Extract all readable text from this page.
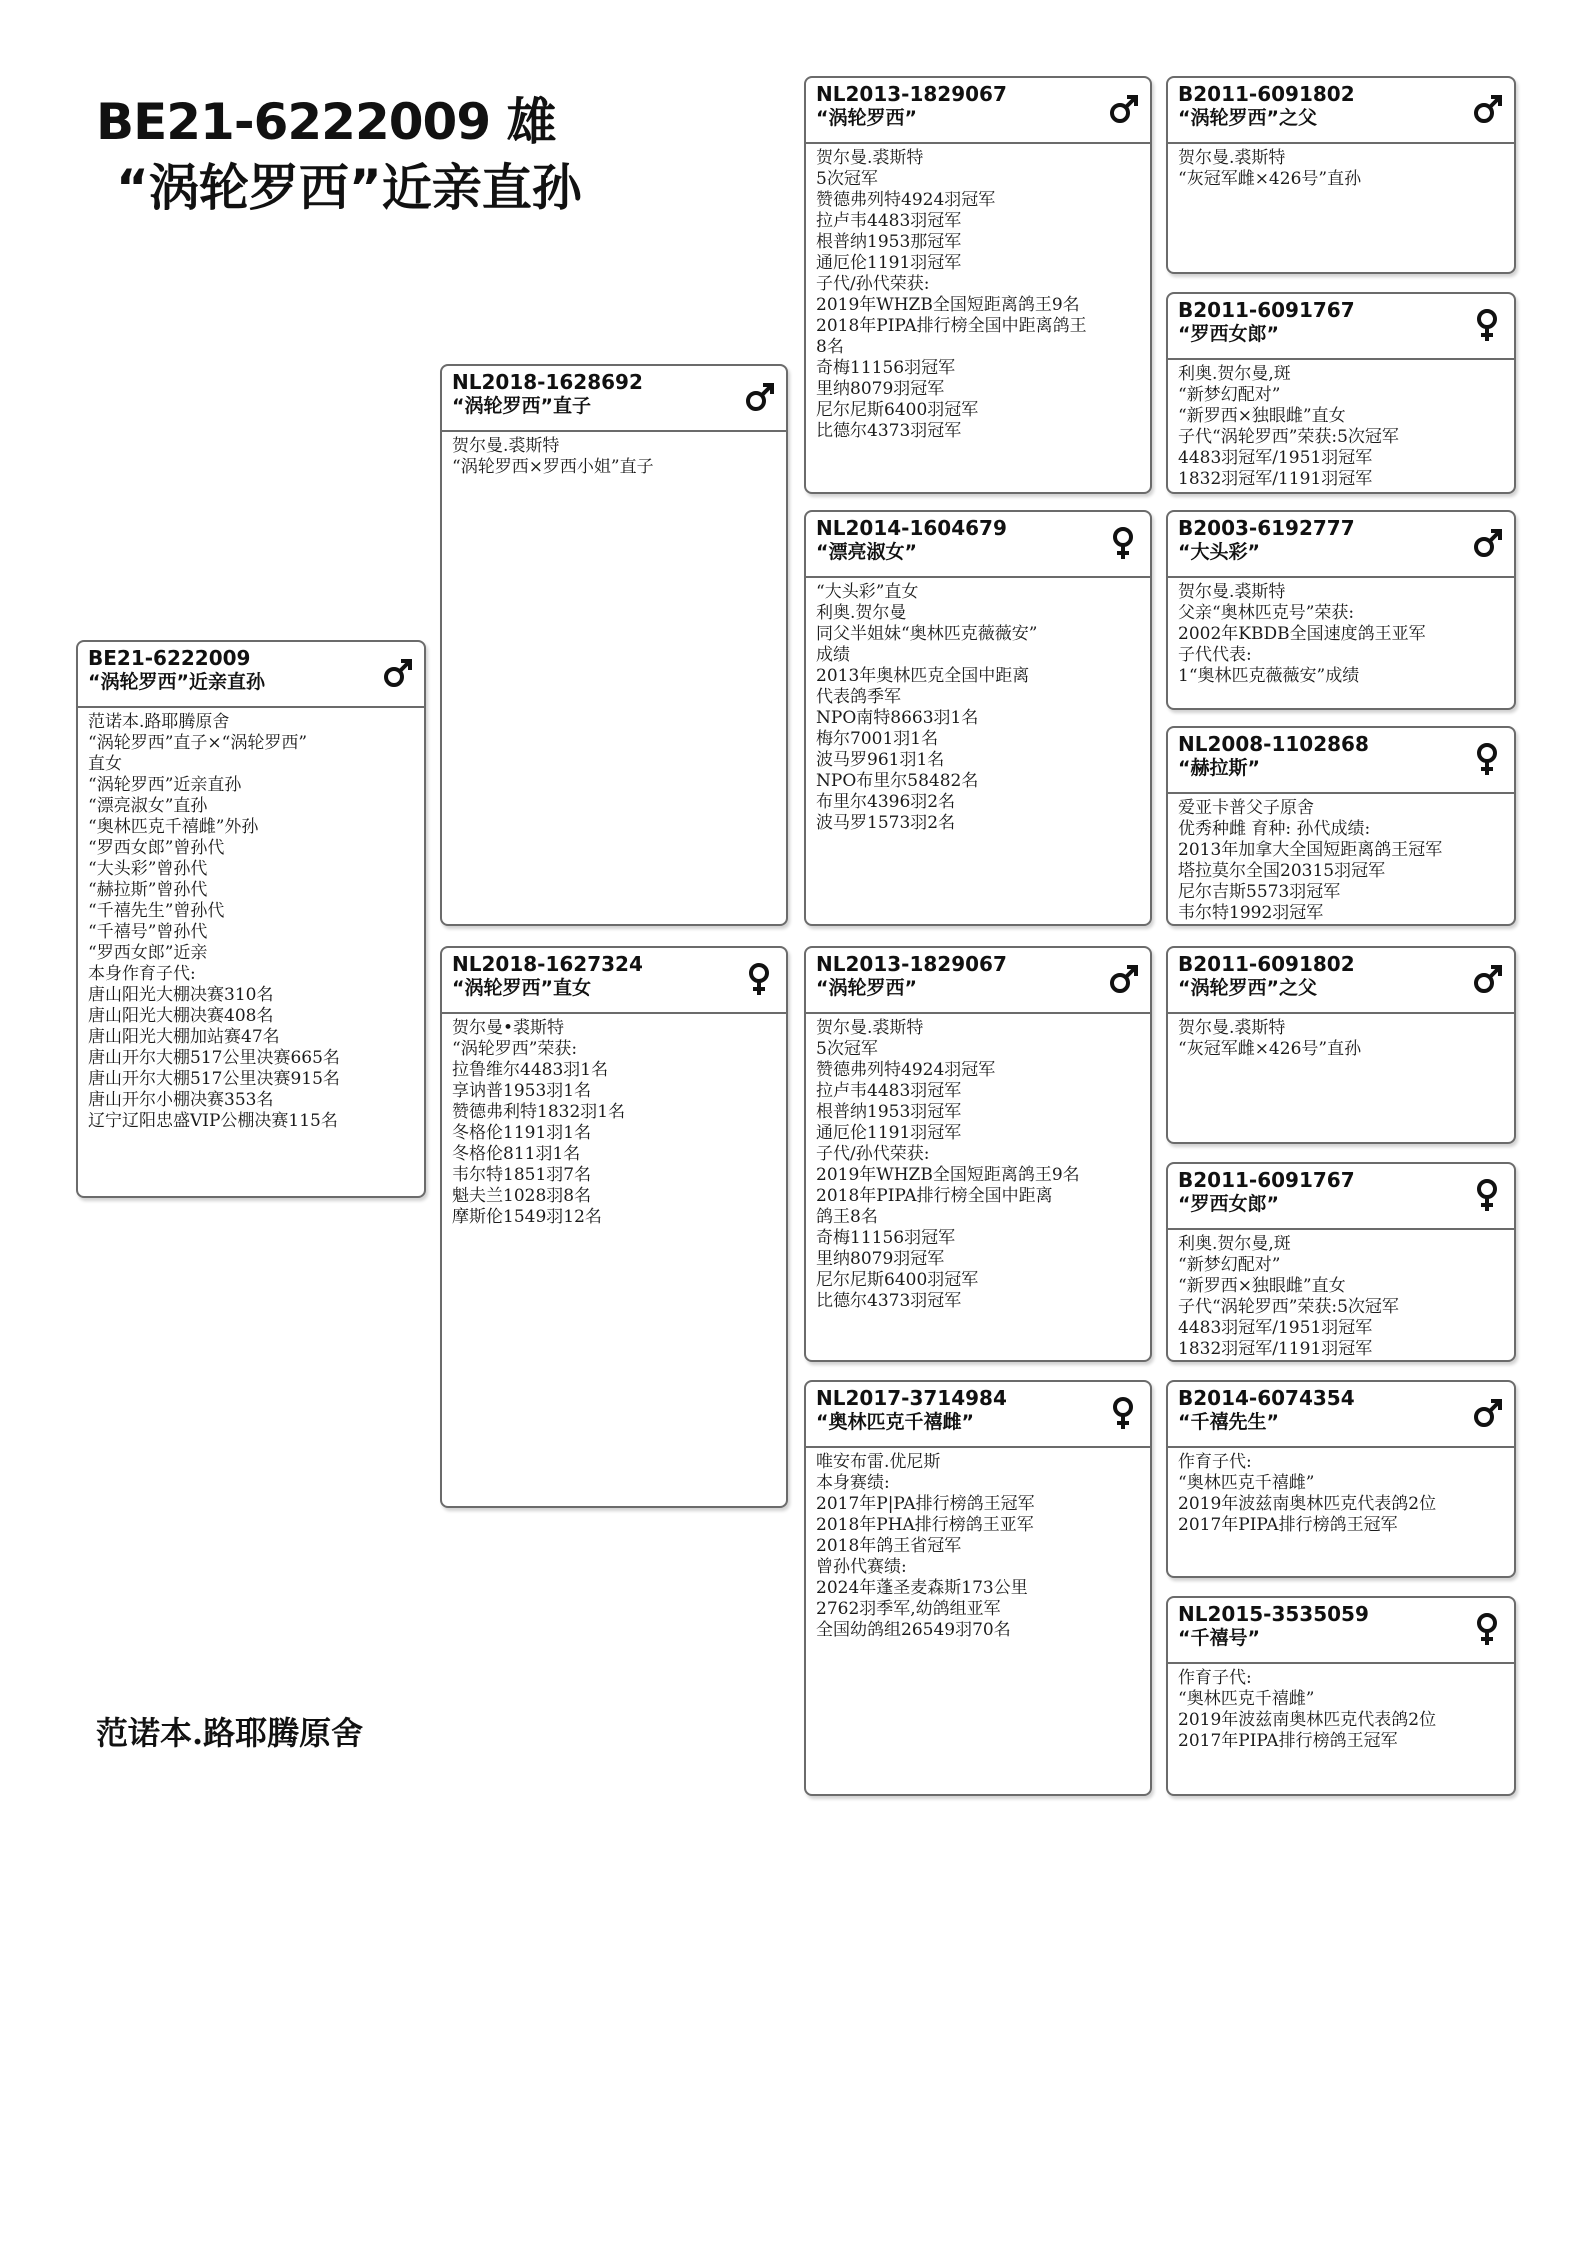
BE21-6222009 雄
“涡轮罗西”近亲直孙
BE21-6222009
“涡轮罗西”近亲直孙
范诺本.路耶腾原舍
“涡轮罗西”直子×“涡轮罗西”
直女
“涡轮罗西”近亲直孙
“漂亮淑女”直孙
“奥林匹克千禧雌”外孙
“罗西女郎”曾孙代
“大头彩”曾孙代
“赫拉斯”曾孙代
“千禧先生”曾孙代
“千禧号”曾孙代
“罗西女郎”近亲
本身作育子代:
唐山阳光大棚决赛310名
唐山阳光大棚决赛408名
唐山阳光大棚加站赛47名
唐山开尔大棚517公里决赛665名
唐山开尔大棚517公里决赛915名
唐山开尔小棚决赛353名
辽宁辽阳忠盛VIP公棚决赛115名
NL2018-1628692
“涡轮罗西”直子
贺尔曼.裘斯特
“涡轮罗西×罗西小姐”直子
NL2018-1627324
“涡轮罗西”直女
贺尔曼•裘斯特
“涡轮罗西”荣获:
拉鲁维尔4483羽1名
享讷普1953羽1名
赞德弗利特1832羽1名
冬格伦1191羽1名
冬格伦811羽1名
韦尔特1851羽7名
魁夫兰1028羽8名
摩斯伦1549羽12名
NL2013-1829067
“涡轮罗西”
贺尔曼.裘斯特
5次冠军
赞德弗列特4924羽冠军
拉卢韦4483羽冠军
根普纳1953那冠军
通厄伦1191羽冠军
子代/孙代荣获:
2019年WHZB全国短距离鸽王9名
2018年PIPA排行榜全国中距离鸽王
8名
奇梅11156羽冠军
里纳8079羽冠军
尼尔尼斯6400羽冠军
比德尔4373羽冠军
NL2014-1604679
“漂亮淑女”
“大头彩”直女
利奥.贺尔曼
同父半姐妹“奥林匹克薇薇安”
成绩
2013年奥林匹克全国中距离
代表鸽季军
NPO南特8663羽1名
梅尔7001羽1名
波马罗961羽1名
NPO布里尔58482名
布里尔4396羽2名
波马罗1573羽2名
NL2013-1829067
“涡轮罗西”
贺尔曼.裘斯特
5次冠军
赞德弗列特4924羽冠军
拉卢韦4483羽冠军
根普纳1953羽冠军
通厄伦1191羽冠军
子代/孙代荣获:
2019年WHZB全国短距离鸽王9名
2018年PIPA排行榜全国中距离
鸽王8名
奇梅11156羽冠军
里纳8079羽冠军
尼尔尼斯6400羽冠军
比德尔4373羽冠军
NL2017-3714984
“奥林匹克千禧雌”
唯安布雷.优尼斯
本身赛绩:
2017年P|PA排行榜鸽王冠军
2018年PHA排行榜鸽王亚军
2018年鸽王省冠军
曾孙代赛绩:
2024年蓬圣麦森斯173公里
2762羽季军,幼鸽组亚军
全国幼鸽组26549羽70名
B2011-6091802
“涡轮罗西”之父
贺尔曼.裘斯特
“灰冠军雌×426号”直孙
B2011-6091767
“罗西女郎”
利奥.贺尔曼,斑
“新梦幻配对”
“新罗西×独眼雌”直女
子代“涡轮罗西”荣获:5次冠军
4483羽冠军/1951羽冠军
1832羽冠军/1191羽冠军
B2003-6192777
“大头彩”
贺尔曼.裘斯特
父亲“奥林匹克号”荣获:
2002年KBDB全国速度鸽王亚军
子代代表:
1“奥林匹克薇薇安”成绩
NL2008-1102868
“赫拉斯”
爱亚卡普父子原舍
优秀种雌 育种: 孙代成绩:
2013年加拿大全国短距离鸽王冠军
塔拉莫尔全国20315羽冠军
尼尔吉斯5573羽冠军
韦尔特1992羽冠军
B2011-6091802
“涡轮罗西”之父
贺尔曼.裘斯特
“灰冠军雌×426号”直孙
B2011-6091767
“罗西女郎”
利奥.贺尔曼,斑
“新梦幻配对”
“新罗西×独眼雌”直女
子代“涡轮罗西”荣获:5次冠军
4483羽冠军/1951羽冠军
1832羽冠军/1191羽冠军
B2014-6074354
“千禧先生”
作育子代:
“奥林匹克千禧雌”
2019年波兹南奥林匹克代表鸽2位
2017年PIPA排行榜鸽王冠军
NL2015-3535059
“千禧号”
作育子代:
“奥林匹克千禧雌”
2019年波兹南奥林匹克代表鸽2位
2017年PIPA排行榜鸽王冠军
范诺本.路耶腾原舍
